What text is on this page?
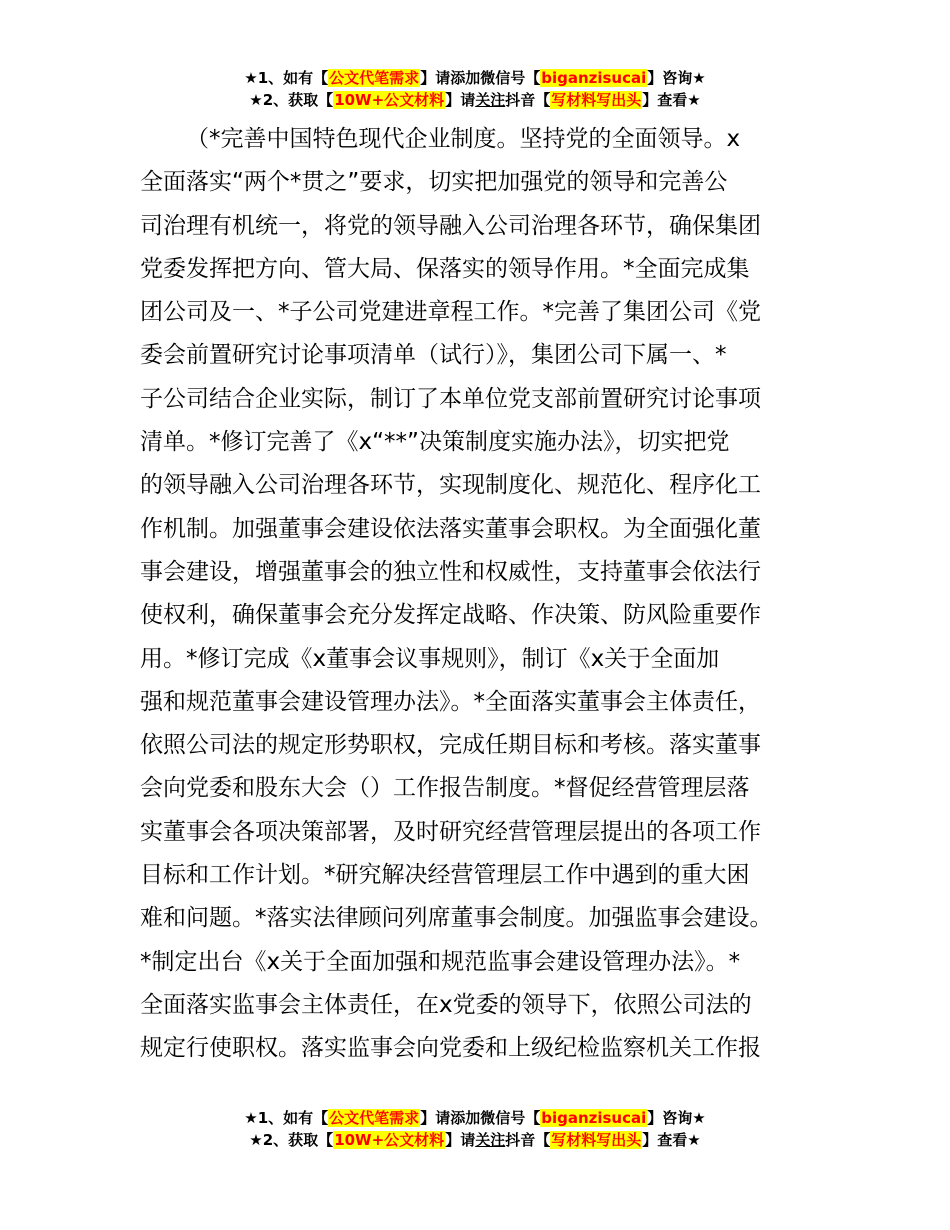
★1、如有【公文代笔需求】请添加微信号【biganzisucai】咨询★
★2、获取【10W+公文材料】请关注抖音【写材料写出头】查看★
（*完善中国特色现代企业制度。坚持党的全面领导。x
全面落实“两个*贯之”要求，切实把加强党的领导和完善公
司治理有机统一，将党的领导融入公司治理各环节，确保集团
党委发挥把方向、管大局、保落实的领导作用。*全面完成集
团公司及一、*子公司党建进章程工作。*完善了集团公司《党
委会前置研究讨论事项清单（试行）》，集团公司下属一、*
子公司结合企业实际，制订了本单位党支部前置研究讨论事项
清单。*修订完善了《x“**”决策制度实施办法》，切实把党
的领导融入公司治理各环节，实现制度化、规范化、程序化工
作机制。加强董事会建设依法落实董事会职权。为全面强化董
事会建设，增强董事会的独立性和权威性，支持董事会依法行
使权利，确保董事会充分发挥定战略、作决策、防风险重要作
用。*修订完成《x董事会议事规则》，制订《x关于全面加
强和规范董事会建设管理办法》。*全面落实董事会主体责任，
依照公司法的规定形势职权，完成任期目标和考核。落实董事
会向党委和股东大会（）工作报告制度。*督促经营管理层落
实董事会各项决策部署，及时研究经营管理层提出的各项工作
目标和工作计划。*研究解决经营管理层工作中遇到的重大困
难和问题。*落实法律顾问列席董事会制度。加强监事会建设。
*制定出台《x关于全面加强和规范监事会建设管理办法》。*
全面落实监事会主体责任，在x党委的领导下，依照公司法的
规定行使职权。落实监事会向党委和上级纪检监察机关工作报
★1、如有【公文代笔需求】请添加微信号【biganzisucai】咨询★
★2、获取【10W+公文材料】请关注抖音【写材料写出头】查看★
